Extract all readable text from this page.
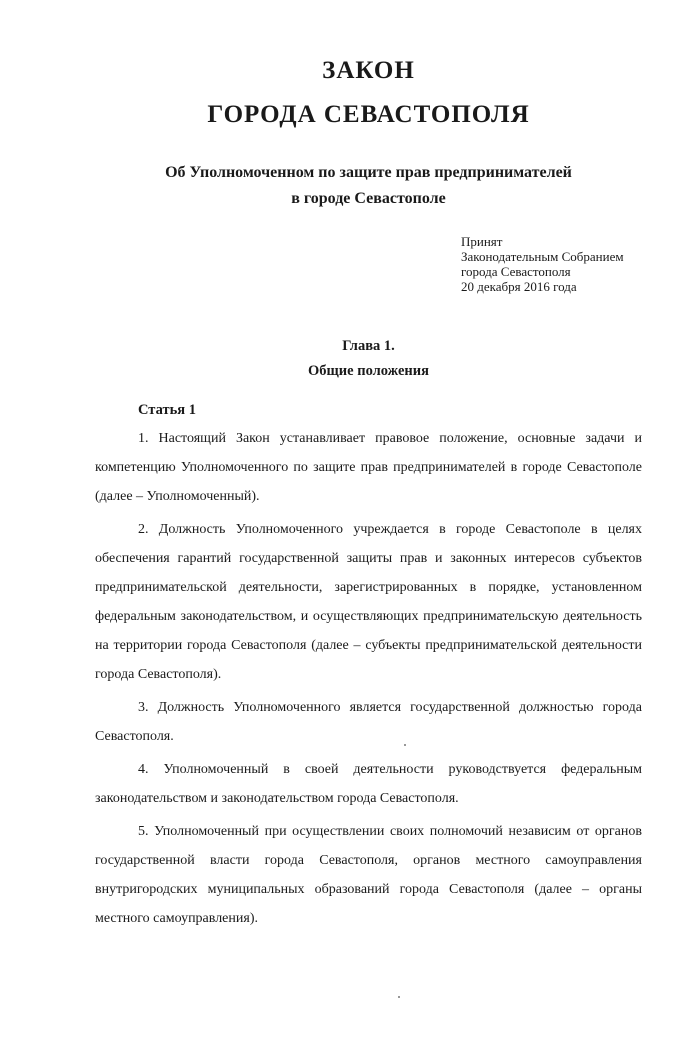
ЗАКОН
ГОРОДА СЕВАСТОПОЛЯ
Об Уполномоченном по защите прав предпринимателей
в городе Севастополе
Принят
Законодательным Собранием
города Севастополя
20 декабря 2016 года
Глава 1.
Общие положения
Статья 1

1. Настоящий Закон устанавливает правовое положение, основные задачи и компетенцию Уполномоченного по защите прав предпринимателей в городе Севастополе (далее – Уполномоченный).

2. Должность Уполномоченного учреждается в городе Севастополе в целях обеспечения гарантий государственной защиты прав и законных интересов субъектов предпринимательской деятельности, зарегистрированных в порядке, установленном федеральным законодательством, и осуществляющих предпринимательскую деятельность на территории города Севастополя (далее – субъекты предпринимательской деятельности города Севастополя).

3. Должность Уполномоченного является государственной должностью города Севастополя.

4. Уполномоченный в своей деятельности руководствуется федеральным законодательством и законодательством города Севастополя.

5. Уполномоченный при осуществлении своих полномочий независим от органов государственной власти города Севастополя, органов местного самоуправления внутригородских муниципальных образований города Севастополя (далее – органы местного самоуправления).
